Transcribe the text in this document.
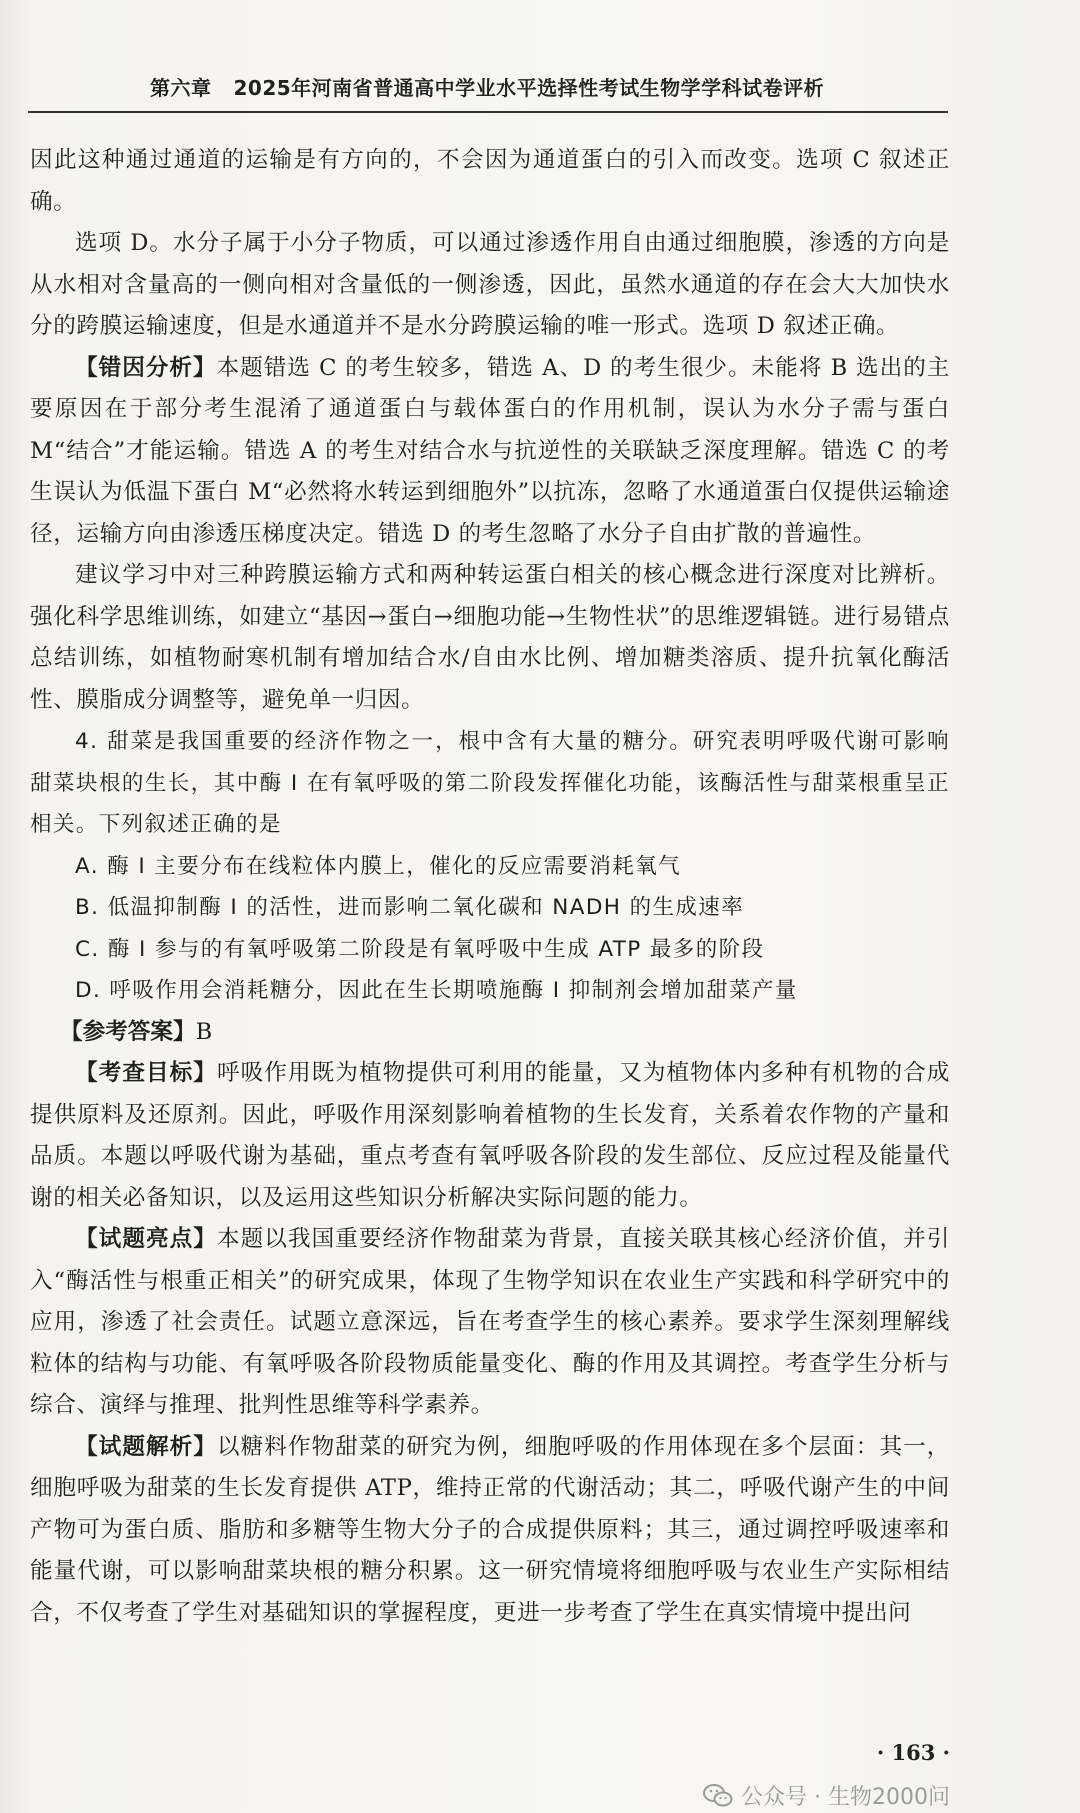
第六章 2025年河南省普通高中学业水平选择性考试生物学学科试卷评析

因此这种通过通道的运输是有方向的，不会因为通道蛋白的引入而改变。选项 C 叙述正确。

选项 D。水分子属于小分子物质，可以通过渗透作用自由通过细胞膜，渗透的方向是从水相对含量高的一侧向相对含量低的一侧渗透，因此，虽然水通道的存在会大大加快水分的跨膜运输速度，但是水通道并不是水分跨膜运输的唯一形式。选项 D 叙述正确。

【错因分析】本题错选 C 的考生较多，错选 A、D 的考生很少。未能将 B 选出的主要原因在于部分考生混淆了通道蛋白与载体蛋白的作用机制，误认为水分子需与蛋白 M“结合”才能运输。错选 A 的考生对结合水与抗逆性的关联缺乏深度理解。错选 C 的考生误认为低温下蛋白 M“必然将水转运到细胞外”以抗冻，忽略了水通道蛋白仅提供运输途径，运输方向由渗透压梯度决定。错选 D 的考生忽略了水分子自由扩散的普遍性。

建议学习中对三种跨膜运输方式和两种转运蛋白相关的核心概念进行深度对比辨析。强化科学思维训练，如建立“基因→蛋白→细胞功能→生物性状”的思维逻辑链。进行易错点总结训练，如植物耐寒机制有增加结合水/自由水比例、增加糖类溶质、提升抗氧化酶活性、膜脂成分调整等，避免单一归因。

4. 甜菜是我国重要的经济作物之一，根中含有大量的糖分。研究表明呼吸代谢可影响甜菜块根的生长，其中酶 I 在有氧呼吸的第二阶段发挥催化功能，该酶活性与甜菜根重呈正相关。下列叙述正确的是

A. 酶 I 主要分布在线粒体内膜上，催化的反应需要消耗氧气

B. 低温抑制酶 I 的活性，进而影响二氧化碳和 NADH 的生成速率

C. 酶 I 参与的有氧呼吸第二阶段是有氧呼吸中生成 ATP 最多的阶段

D. 呼吸作用会消耗糖分，因此在生长期喷施酶 I 抑制剂会增加甜菜产量

【参考答案】B

【考查目标】呼吸作用既为植物提供可利用的能量，又为植物体内多种有机物的合成提供原料及还原剂。因此，呼吸作用深刻影响着植物的生长发育，关系着农作物的产量和品质。本题以呼吸代谢为基础，重点考查有氧呼吸各阶段的发生部位、反应过程及能量代谢的相关必备知识，以及运用这些知识分析解决实际问题的能力。

【试题亮点】本题以我国重要经济作物甜菜为背景，直接关联其核心经济价值，并引入“酶活性与根重正相关”的研究成果，体现了生物学知识在农业生产实践和科学研究中的应用，渗透了社会责任。试题立意深远，旨在考查学生的核心素养。要求学生深刻理解线粒体的结构与功能、有氧呼吸各阶段物质能量变化、酶的作用及其调控。考查学生分析与综合、演绎与推理、批判性思维等科学素养。

【试题解析】以糖料作物甜菜的研究为例，细胞呼吸的作用体现在多个层面：其一，细胞呼吸为甜菜的生长发育提供 ATP，维持正常的代谢活动；其二，呼吸代谢产生的中间产物可为蛋白质、脂肪和多糖等生物大分子的合成提供原料；其三，通过调控呼吸速率和能量代谢，可以影响甜菜块根的糖分积累。这一研究情境将细胞呼吸与农业生产实际相结合，不仅考查了学生对基础知识的掌握程度，更进一步考查了学生在真实情境中提出问

· 163 ·
公众号 · 生物2000问
